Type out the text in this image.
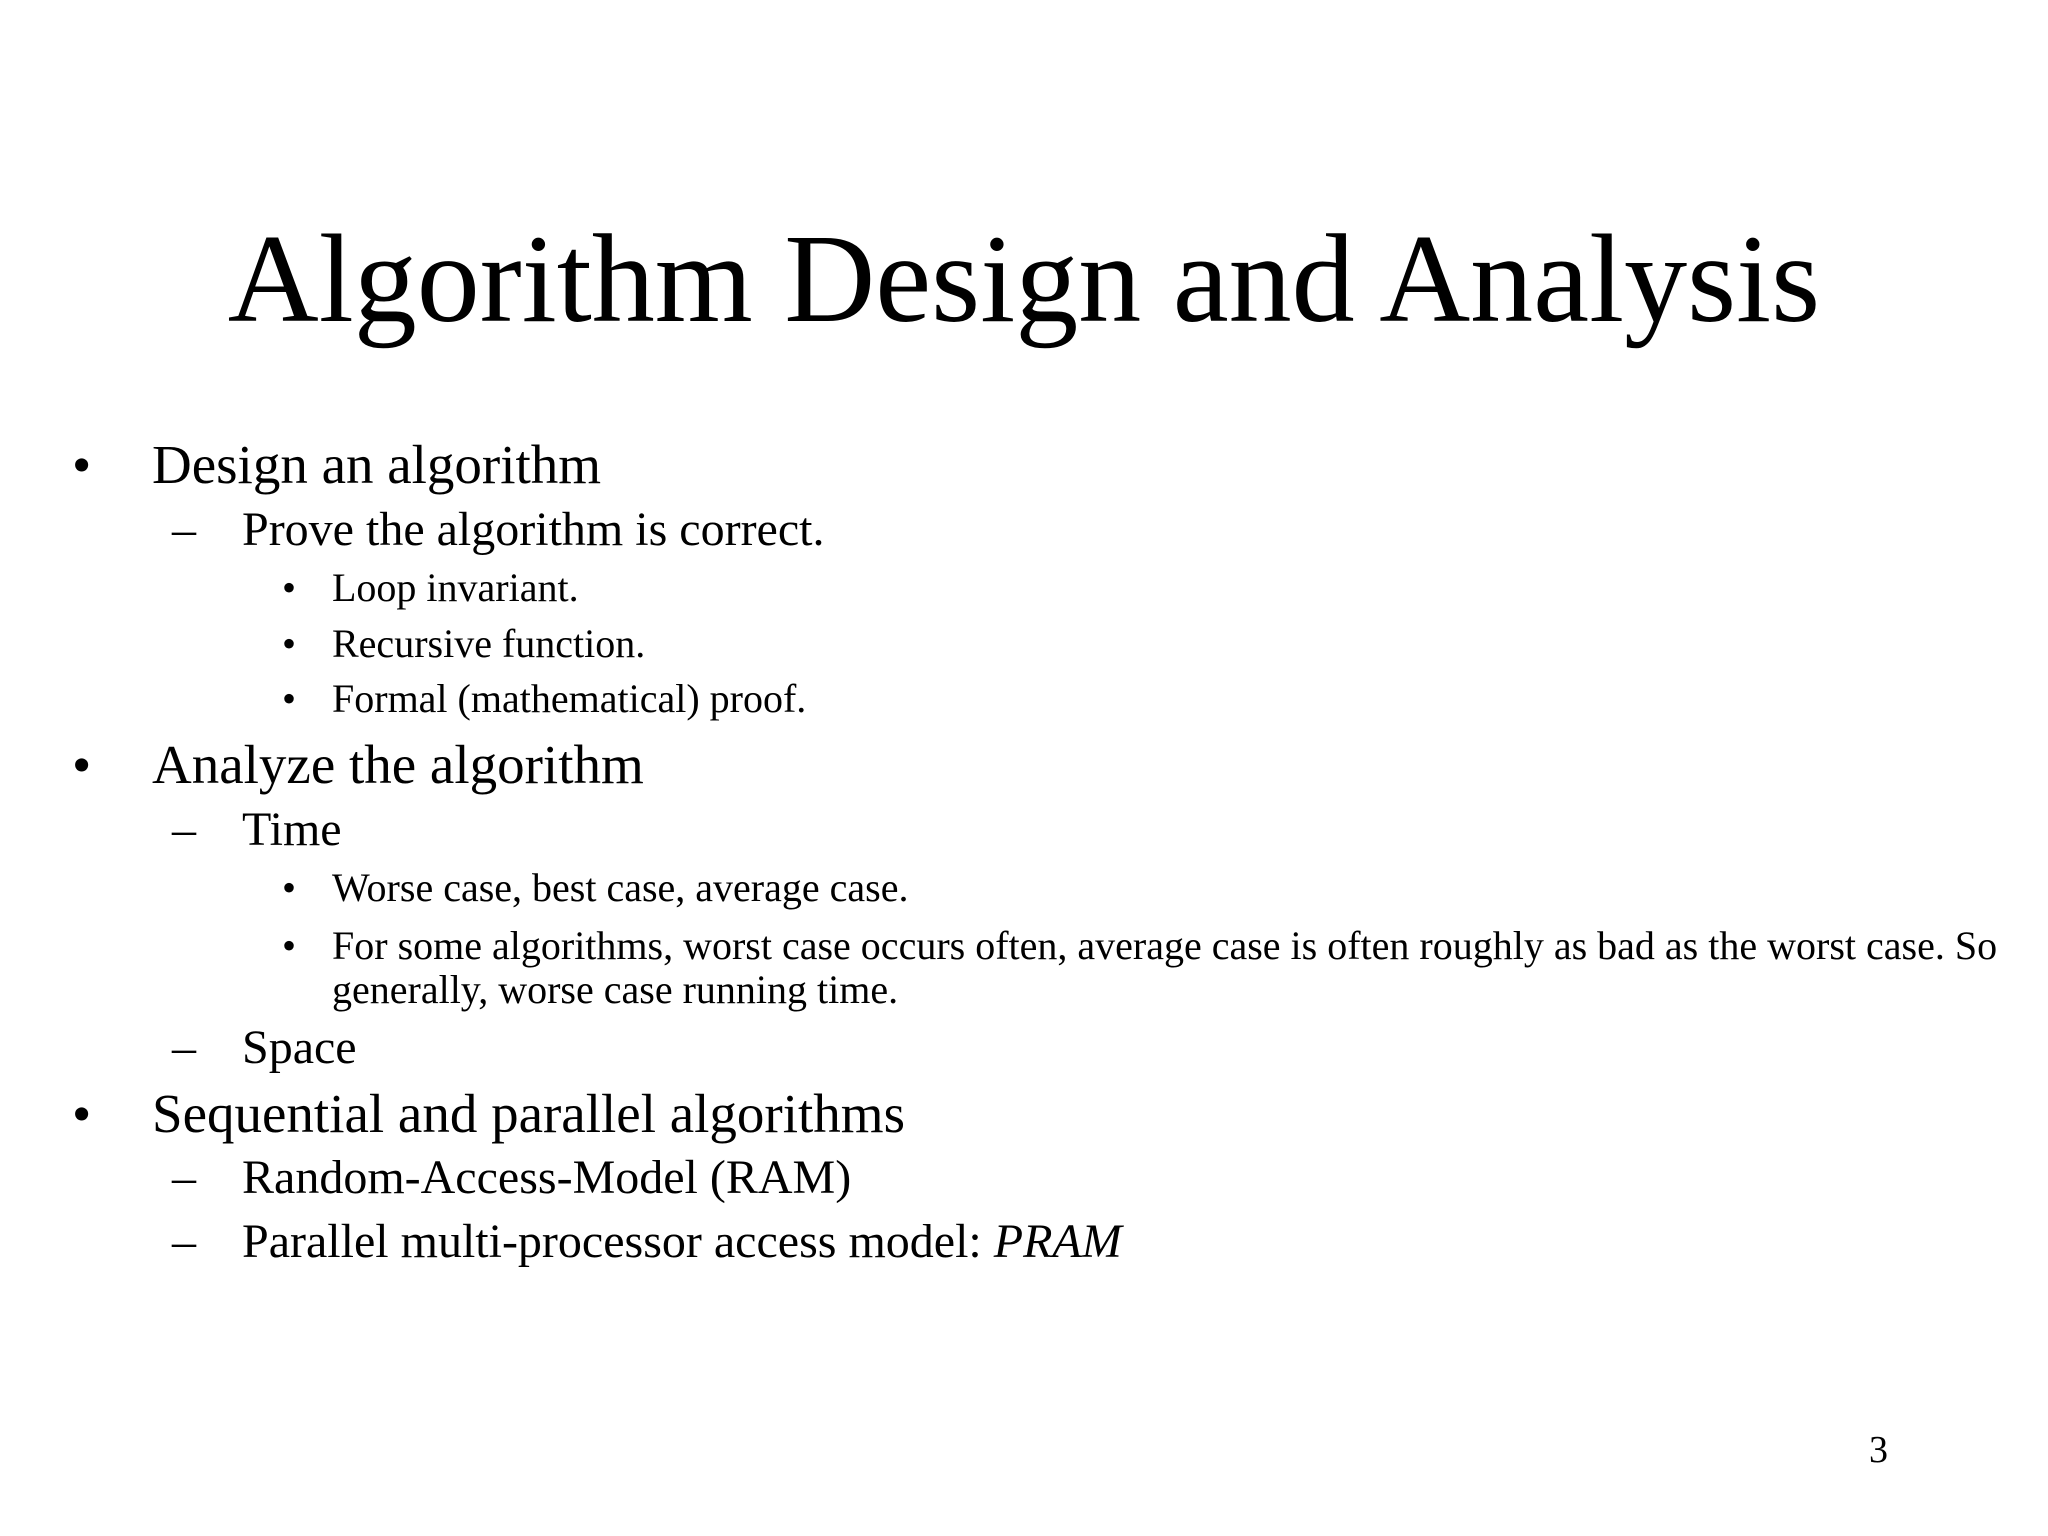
Algorithm Design and Analysis
• Design an algorithm
– Prove the algorithm is correct.
• Loop invariant.
• Recursive function.
• Formal (mathematical) proof.
• Analyze the algorithm
– Time
• Worse case, best case, average case.
• For some algorithms, worst case occurs often, average case is often roughly as bad as the worst case. So generally, worse case running time.
– Space
• Sequential and parallel algorithms
– Random-Access-Model (RAM)
– Parallel multi-processor access model: PRAM
3
